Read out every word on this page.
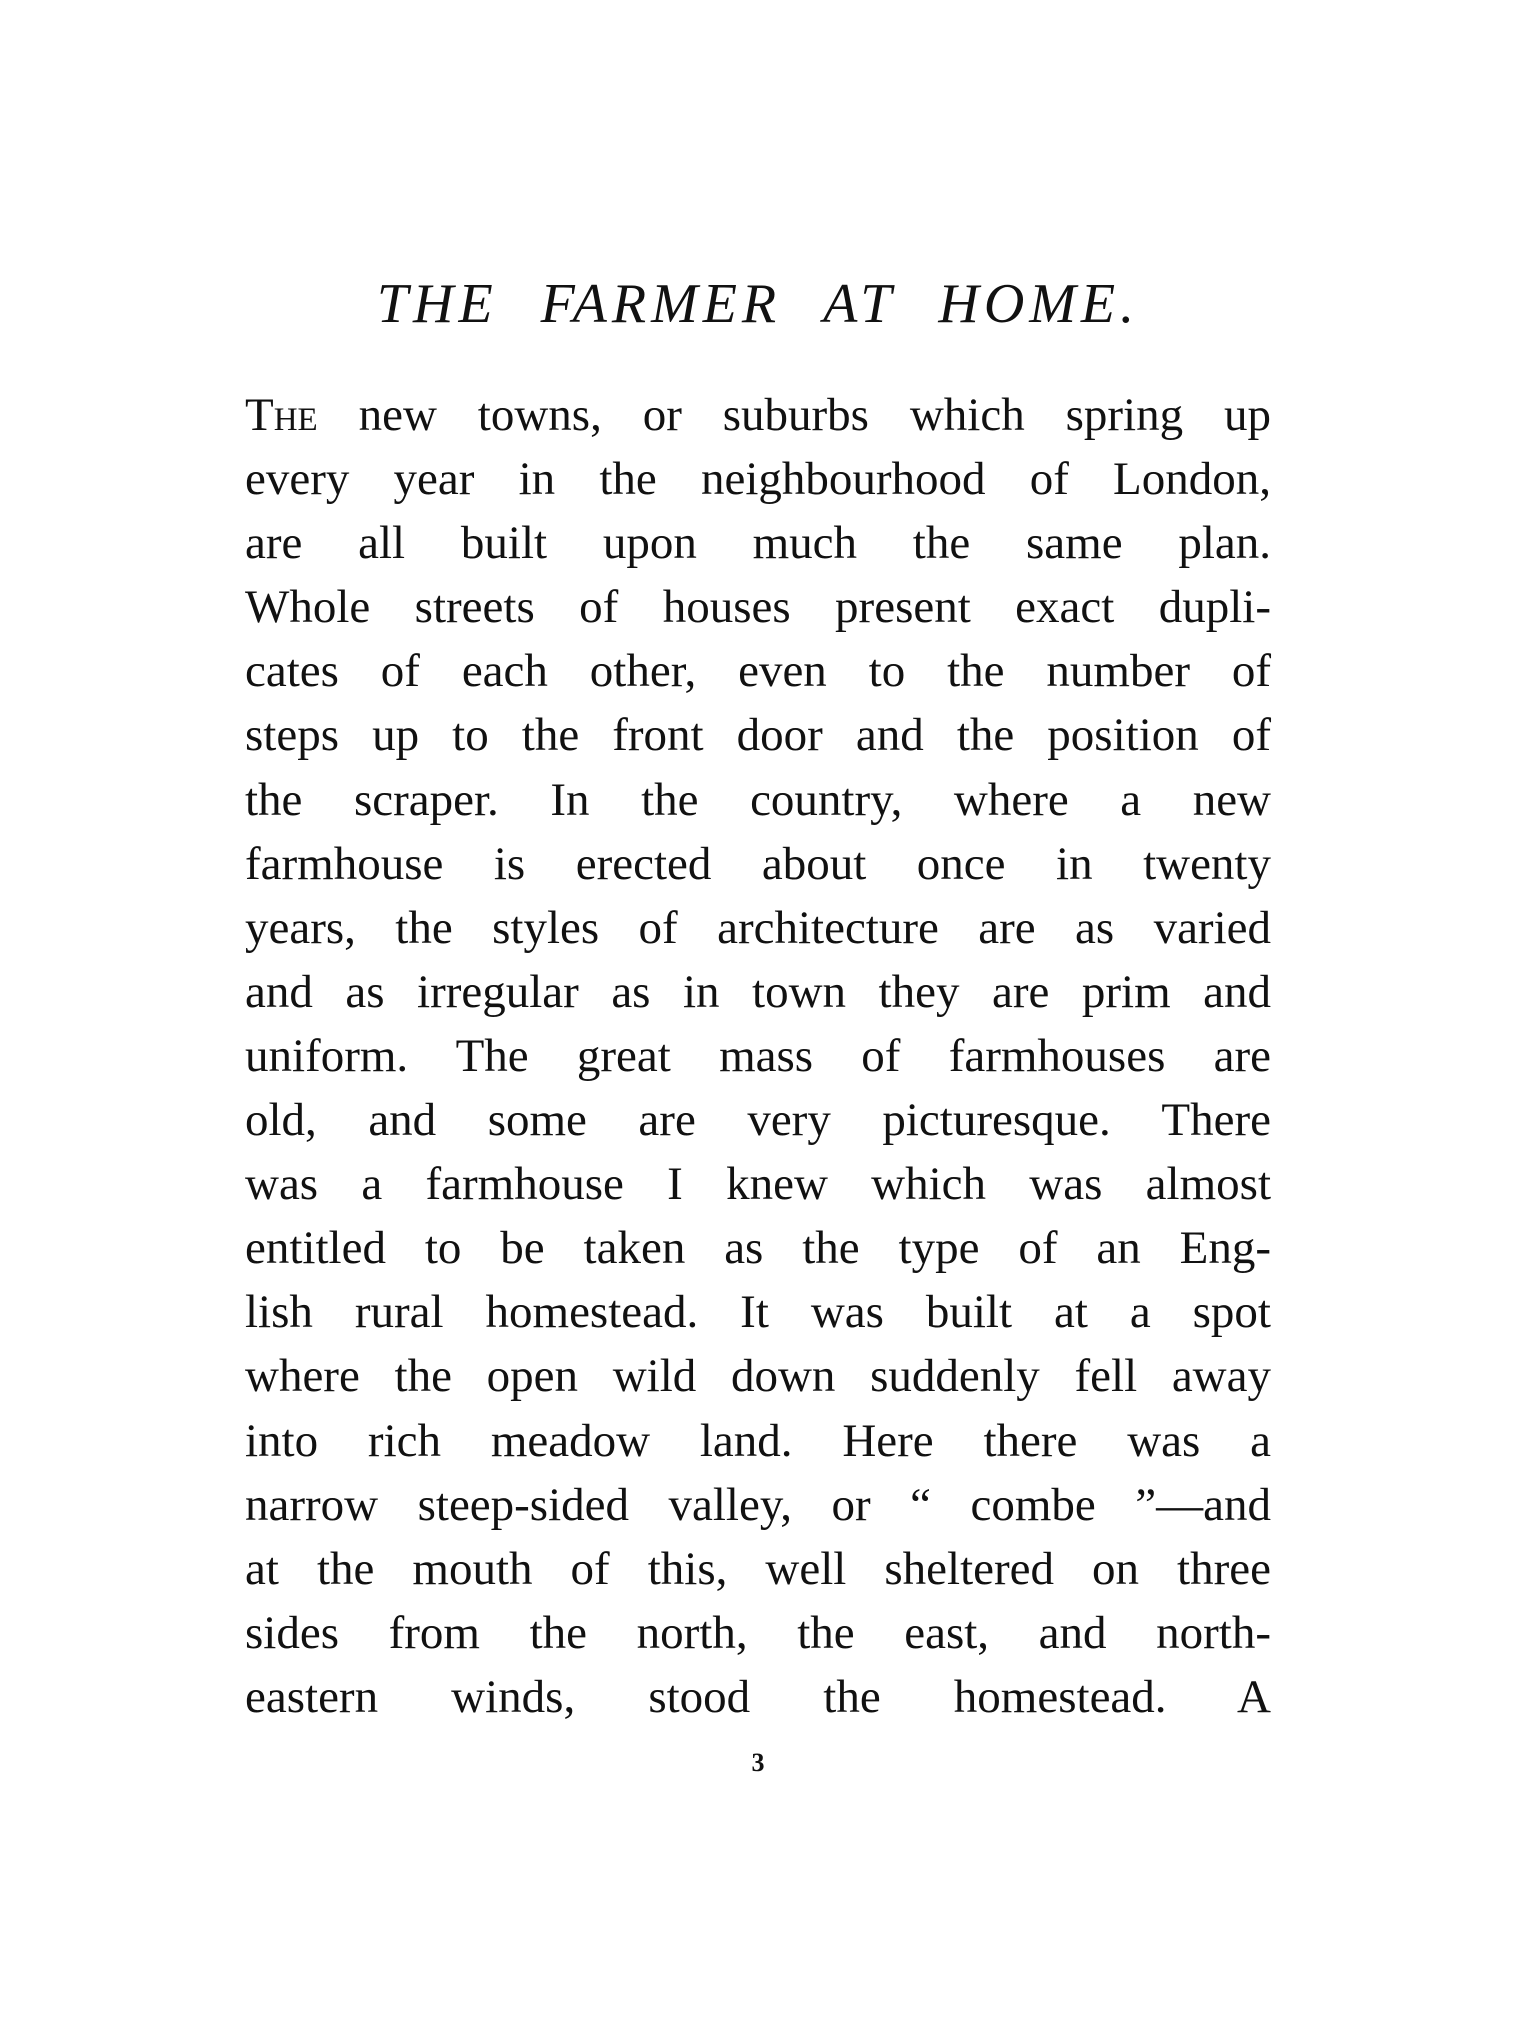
THE FARMER AT HOME.
The new towns, or suburbs which spring up
every year in the neighbourhood of London,
are all built upon much the same plan.
Whole streets of houses present exact dupli-
cates of each other, even to the number of
steps up to the front door and the position of
the scraper. In the country, where a new
farmhouse is erected about once in twenty
years, the styles of architecture are as varied
and as irregular as in town they are prim and
uniform. The great mass of farmhouses are
old, and some are very picturesque. There
was a farmhouse I knew which was almost
entitled to be taken as the type of an Eng-
lish rural homestead. It was built at a spot
where the open wild down suddenly fell away
into rich meadow land. Here there was a
narrow steep-sided valley, or “ combe ”—and
at the mouth of this, well sheltered on three
sides from the north, the east, and north-
eastern winds, stood the homestead. A
3
